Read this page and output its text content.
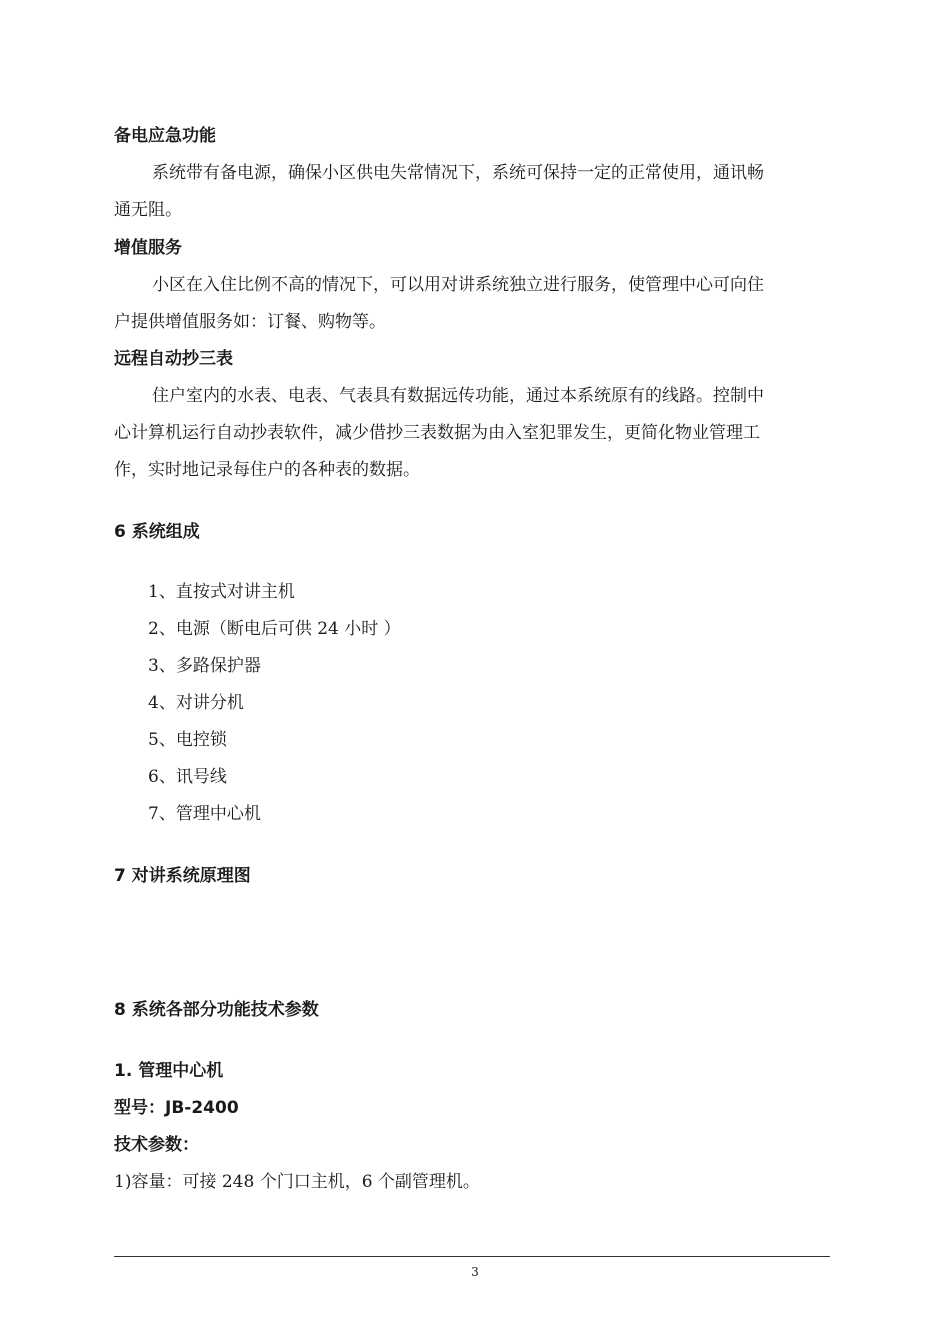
备电应急功能

系统带有备电源，确保小区供电失常情况下，系统可保持一定的正常使用，通讯畅

通无阻。

增值服务

小区在入住比例不高的情况下，可以用对讲系统独立进行服务，使管理中心可向住

户提供增值服务如：订餐、购物等。

远程自动抄三表

住户室内的水表、电表、气表具有数据远传功能，通过本系统原有的线路。控制中

心计算机运行自动抄表软件，减少借抄三表数据为由入室犯罪发生，更简化物业管理工

作，实时地记录每住户的各种表的数据。

6 系统组成

1、直按式对讲主机

2、电源（断电后可供 24 小时 ）

3、多路保护器

4、对讲分机

5、电控锁

6、讯号线

7、管理中心机

7 对讲系统原理图

8 系统各部分功能技术参数

1. 管理中心机

型号：JB-2400

技术参数：

1)容量：可接 248 个门口主机，6 个副管理机。

3
